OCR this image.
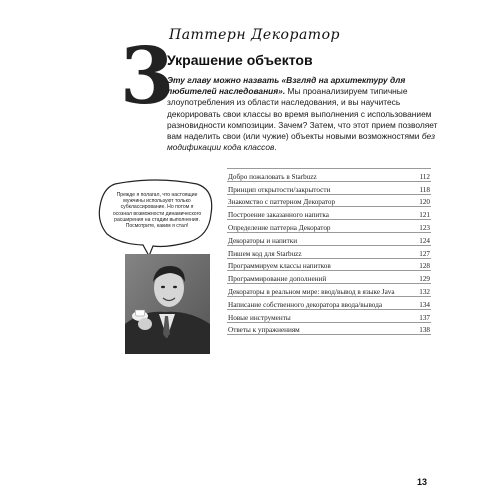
Паттерн Декоратор
3
Украшение объектов
Эту главу можно назвать «Взгляд на архитектуру для любителей наследования». Мы проанализируем типичные злоупотребления из области наследования, и вы научитесь декорировать свои классы во время выполнения с использованием разновидности композиции. Зачем? Затем, что этот прием позволяет вам наделить свои (или чужие) объекты новыми возможностями без модификации кода классов.
Прежде я полагал, что настоящие мужчины используют только субклассирование. Но потом я осознал возможности динамического расширения на стадии выполнения. Посмотрите, каким я стал!
Добро пожаловать в Starbuzz	112
Принцип открытости/закрытости	118
Знакомство с паттерном Декоратор	120
Построение заказанного напитка	121
Определение паттерна Декоратор	123
Декораторы и напитки	124
Пишем код для Starbuzz	127
Программируем классы напитков	128
Программирование дополнений	129
Декораторы в реальном мире: ввод/вывод в языке Java	132
Написание собственного декоратора ввода/вывода	134
Новые инструменты	137
Ответы к упражнениям	138
13
